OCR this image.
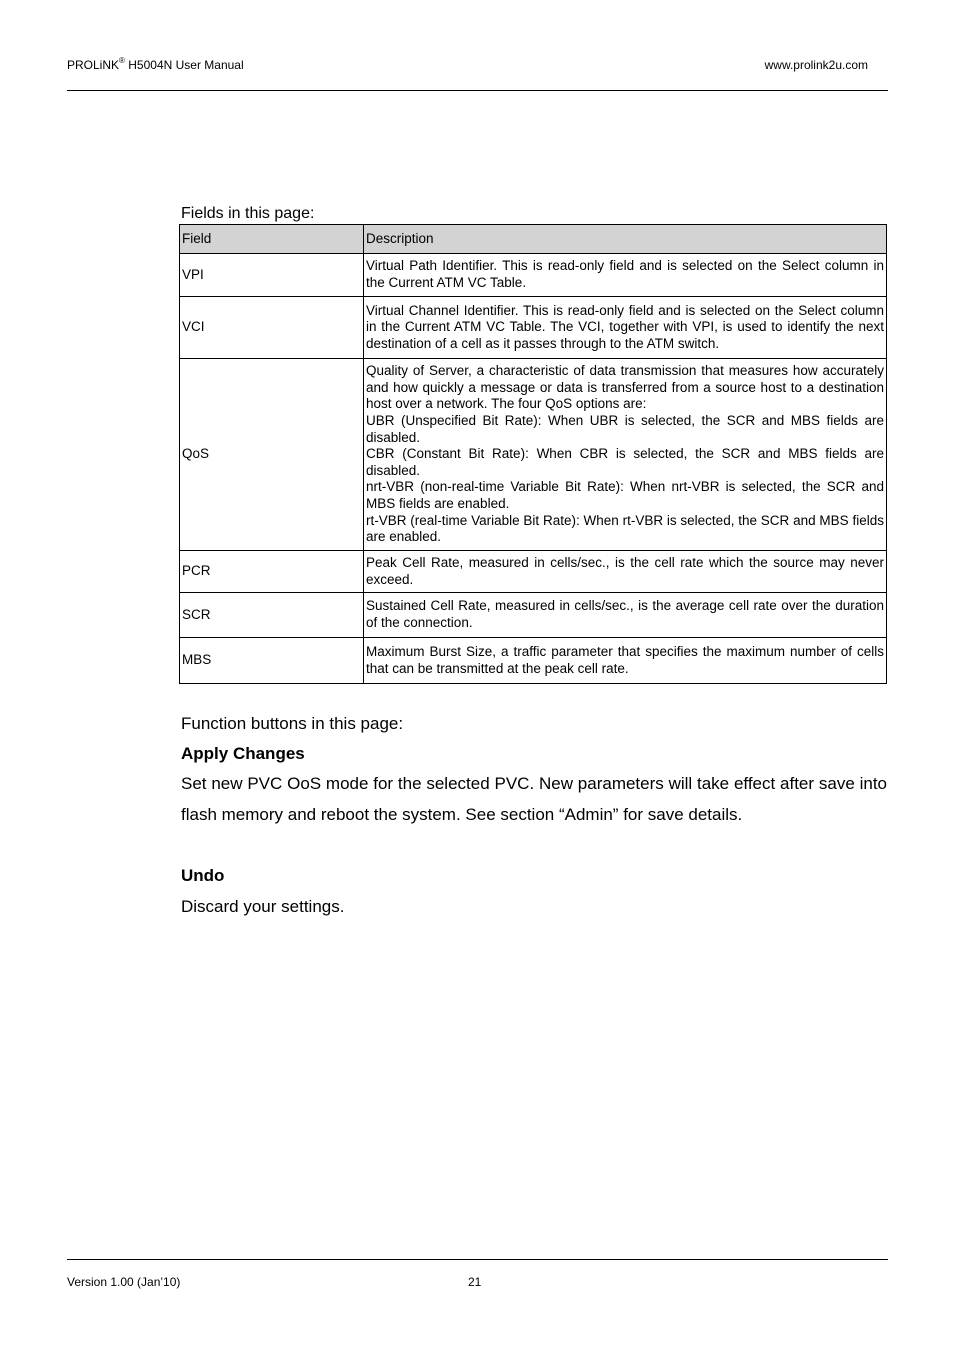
PROLiNK® H5004N User Manual	www.prolink2u.com
Fields in this page:
Field	Description
VPI	Virtual Path Identifier. This is read-only field and is selected on the Select column in the Current ATM VC Table.

VCI	Virtual Channel Identifier. This is read-only field and is selected on the Select column in the Current ATM VC Table. The VCI, together with VPI, is used to identify the next destination of a cell as it passes through to the ATM switch.

QoS	Quality of Server, a characteristic of data transmission that measures how accurately and how quickly a message or data is transferred from a source host to a destination host over a network. The four QoS options are:
UBR (Unspecified Bit Rate): When UBR is selected, the SCR and MBS fields are disabled.
CBR (Constant Bit Rate): When CBR is selected, the SCR and MBS fields are disabled.
nrt-VBR (non-real-time Variable Bit Rate): When nrt-VBR is selected, the SCR and MBS fields are enabled.
rt-VBR (real-time Variable Bit Rate): When rt-VBR is selected, the SCR and MBS fields are enabled.

PCR	Peak Cell Rate, measured in cells/sec., is the cell rate which the source may never exceed.

SCR	Sustained Cell Rate, measured in cells/sec., is the average cell rate over the duration of the connection.

MBS	Maximum Burst Size, a traffic parameter that specifies the maximum number of cells that can be transmitted at the peak cell rate.
Function buttons in this page:
Apply Changes
Set new PVC OoS mode for the selected PVC. New parameters will take effect after save into flash memory and reboot the system. See section “Admin” for save details.
Undo
Discard your settings.
Version 1.00 (Jan’10)	21
